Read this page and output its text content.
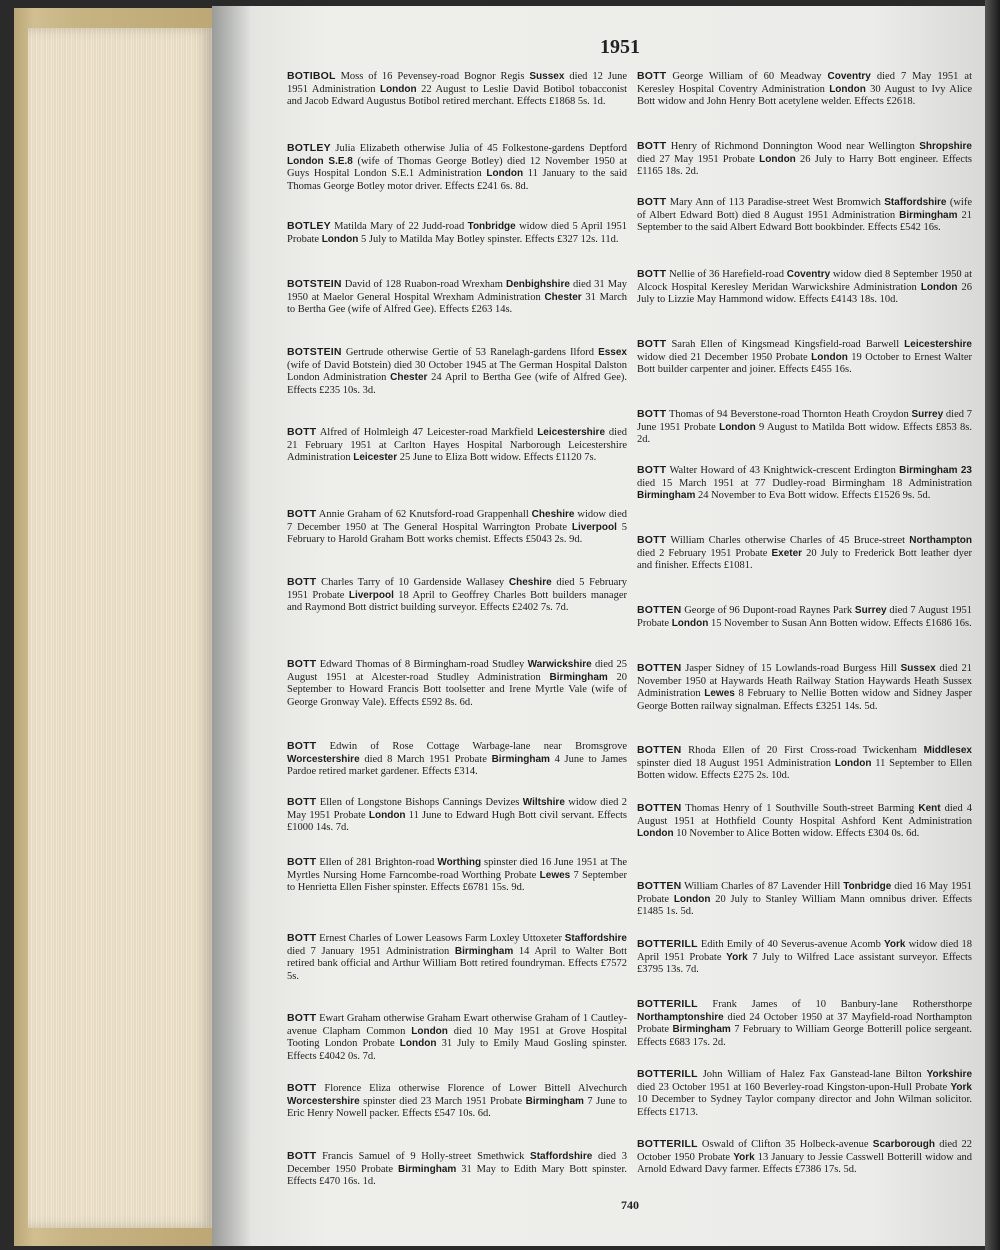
1951
BOTIBOL Moss of 16 Pevensey-road Bognor Regis Sussex died 12 June 1951 Administration London 22 August to Leslie David Botibol tobacconist and Jacob Edward Augustus Botibol retired merchant. Effects £1868 5s. 1d.
BOTLEY Julia Elizabeth otherwise Julia of 45 Folkestone-gardens Deptford London S.E.8 (wife of Thomas George Botley) died 12 November 1950 at Guys Hospital London S.E.1 Administration London 11 January to the said Thomas George Botley motor driver. Effects £241 6s. 8d.
BOTLEY Matilda Mary of 22 Judd-road Tonbridge widow died 5 April 1951 Probate London 5 July to Matilda May Botley spinster. Effects £327 12s. 11d.
BOTSTEIN David of 128 Ruabon-road Wrexham Denbighshire died 31 May 1950 at Maelor General Hospital Wrexham Administration Chester 31 March to Bertha Gee (wife of Alfred Gee). Effects £263 14s.
BOTSTEIN Gertrude otherwise Gertie of 53 Ranelagh-gardens Ilford Essex (wife of David Botstein) died 30 October 1945 at The German Hospital Dalston London Administration Chester 24 April to Bertha Gee (wife of Alfred Gee). Effects £235 10s. 3d.
BOTT Alfred of Holmleigh 47 Leicester-road Markfield Leicestershire died 21 February 1951 at Carlton Hayes Hospital Narborough Leicestershire Administration Leicester 25 June to Eliza Bott widow. Effects £1120 7s.
BOTT Annie Graham of 62 Knutsford-road Grappenhall Cheshire widow died 7 December 1950 at The General Hospital Warrington Probate Liverpool 5 February to Harold Graham Bott works chemist. Effects £5043 2s. 9d.
BOTT Charles Tarry of 10 Gardenside Wallasey Cheshire died 5 February 1951 Probate Liverpool 18 April to Geoffrey Charles Bott builders manager and Raymond Bott district building surveyor. Effects £2402 7s. 7d.
BOTT Edward Thomas of 8 Birmingham-road Studley Warwickshire died 25 August 1951 at Alcester-road Studley Administration Birmingham 20 September to Howard Francis Bott toolsetter and Irene Myrtle Vale (wife of George Gronway Vale). Effects £592 8s. 6d.
BOTT Edwin of Rose Cottage Warbage-lane near Bromsgrove Worcestershire died 8 March 1951 Probate Birmingham 4 June to James Pardoe retired market gardener. Effects £314.
BOTT Ellen of Longstone Bishops Cannings Devizes Wiltshire widow died 2 May 1951 Probate London 11 June to Edward Hugh Bott civil servant. Effects £1000 14s. 7d.
BOTT Ellen of 281 Brighton-road Worthing spinster died 16 June 1951 at The Myrtles Nursing Home Farncombe-road Worthing Probate Lewes 7 September to Henrietta Ellen Fisher spinster. Effects £6781 15s. 9d.
BOTT Ernest Charles of Lower Leasows Farm Loxley Uttoxeter Staffordshire died 7 January 1951 Administration Birmingham 14 April to Walter Bott retired bank official and Arthur William Bott retired foundryman. Effects £7572 5s.
BOTT Ewart Graham otherwise Graham Ewart otherwise Graham of 1 Cautley-avenue Clapham Common London died 10 May 1951 at Grove Hospital Tooting London Probate London 31 July to Emily Maud Gosling spinster. Effects £4042 0s. 7d.
BOTT Florence Eliza otherwise Florence of Lower Bittell Alvechurch Worcestershire spinster died 23 March 1951 Probate Birmingham 7 June to Eric Henry Nowell packer. Effects £547 10s. 6d.
BOTT Francis Samuel of 9 Holly-street Smethwick Staffordshire died 3 December 1950 Probate Birmingham 31 May to Edith Mary Bott spinster. Effects £470 16s. 1d.
BOTT George William of 60 Meadway Coventry died 7 May 1951 at Keresley Hospital Coventry Administration London 30 August to Ivy Alice Bott widow and John Henry Bott acetylene welder. Effects £2618.
BOTT Henry of Richmond Donnington Wood near Wellington Shropshire died 27 May 1951 Probate London 26 July to Harry Bott engineer. Effects £1165 18s. 2d.
BOTT Mary Ann of 113 Paradise-street West Bromwich Staffordshire (wife of Albert Edward Bott) died 8 August 1951 Administration Birmingham 21 September to the said Albert Edward Bott bookbinder. Effects £542 16s.
BOTT Nellie of 36 Harefield-road Coventry widow died 8 September 1950 at Alcock Hospital Keresley Meridan Warwickshire Administration London 26 July to Lizzie May Hammond widow. Effects £4143 18s. 10d.
BOTT Sarah Ellen of Kingsmead Kingsfield-road Barwell Leicestershire widow died 21 December 1950 Probate London 19 October to Ernest Walter Bott builder carpenter and joiner. Effects £455 16s.
BOTT Thomas of 94 Beverstone-road Thornton Heath Croydon Surrey died 7 June 1951 Probate London 9 August to Matilda Bott widow. Effects £853 8s. 2d.
BOTT Walter Howard of 43 Knightwick-crescent Erdington Birmingham 23 died 15 March 1951 at 77 Dudley-road Birmingham 18 Administration Birmingham 24 November to Eva Bott widow. Effects £1526 9s. 5d.
BOTT William Charles otherwise Charles of 45 Bruce-street Northampton died 2 February 1951 Probate Exeter 20 July to Frederick Bott leather dyer and finisher. Effects £1081.
BOTTEN George of 96 Dupont-road Raynes Park Surrey died 7 August 1951 Probate London 15 November to Susan Ann Botten widow. Effects £1686 16s.
BOTTEN Jasper Sidney of 15 Lowlands-road Burgess Hill Sussex died 21 November 1950 at Haywards Heath Railway Station Haywards Heath Sussex Administration Lewes 8 February to Nellie Botten widow and Sidney Jasper George Botten railway signalman. Effects £3251 14s. 5d.
BOTTEN Rhoda Ellen of 20 First Cross-road Twickenham Middlesex spinster died 18 August 1951 Administration London 11 September to Ellen Botten widow. Effects £275 2s. 10d.
BOTTEN Thomas Henry of 1 Southville South-street Barming Kent died 4 August 1951 at Hothfield County Hospital Ashford Kent Administration London 10 November to Alice Botten widow. Effects £304 0s. 6d.
BOTTEN William Charles of 87 Lavender Hill Tonbridge died 16 May 1951 Probate London 20 July to Stanley William Mann omnibus driver. Effects £1485 1s. 5d.
BOTTERILL Edith Emily of 40 Severus-avenue Acomb York widow died 18 April 1951 Probate York 7 July to Wilfred Lace assistant surveyor. Effects £3795 13s. 7d.
BOTTERILL Frank James of 10 Banbury-lane Rothersthorpe Northamptonshire died 24 October 1950 at 37 Mayfield-road Northampton Probate Birmingham 7 February to William George Botterill police sergeant. Effects £683 17s. 2d.
BOTTERILL John William of Halez Fax Ganstead-lane Bilton Yorkshire died 23 October 1951 at 160 Beverley-road Kingston-upon-Hull Probate York 10 December to Sydney Taylor company director and John Wilman solicitor. Effects £1713.
BOTTERILL Oswald of Clifton 35 Holbeck-avenue Scarborough died 22 October 1950 Probate York 13 January to Jessie Casswell Botterill widow and Arnold Edward Davy farmer. Effects £7386 17s. 5d.
740
